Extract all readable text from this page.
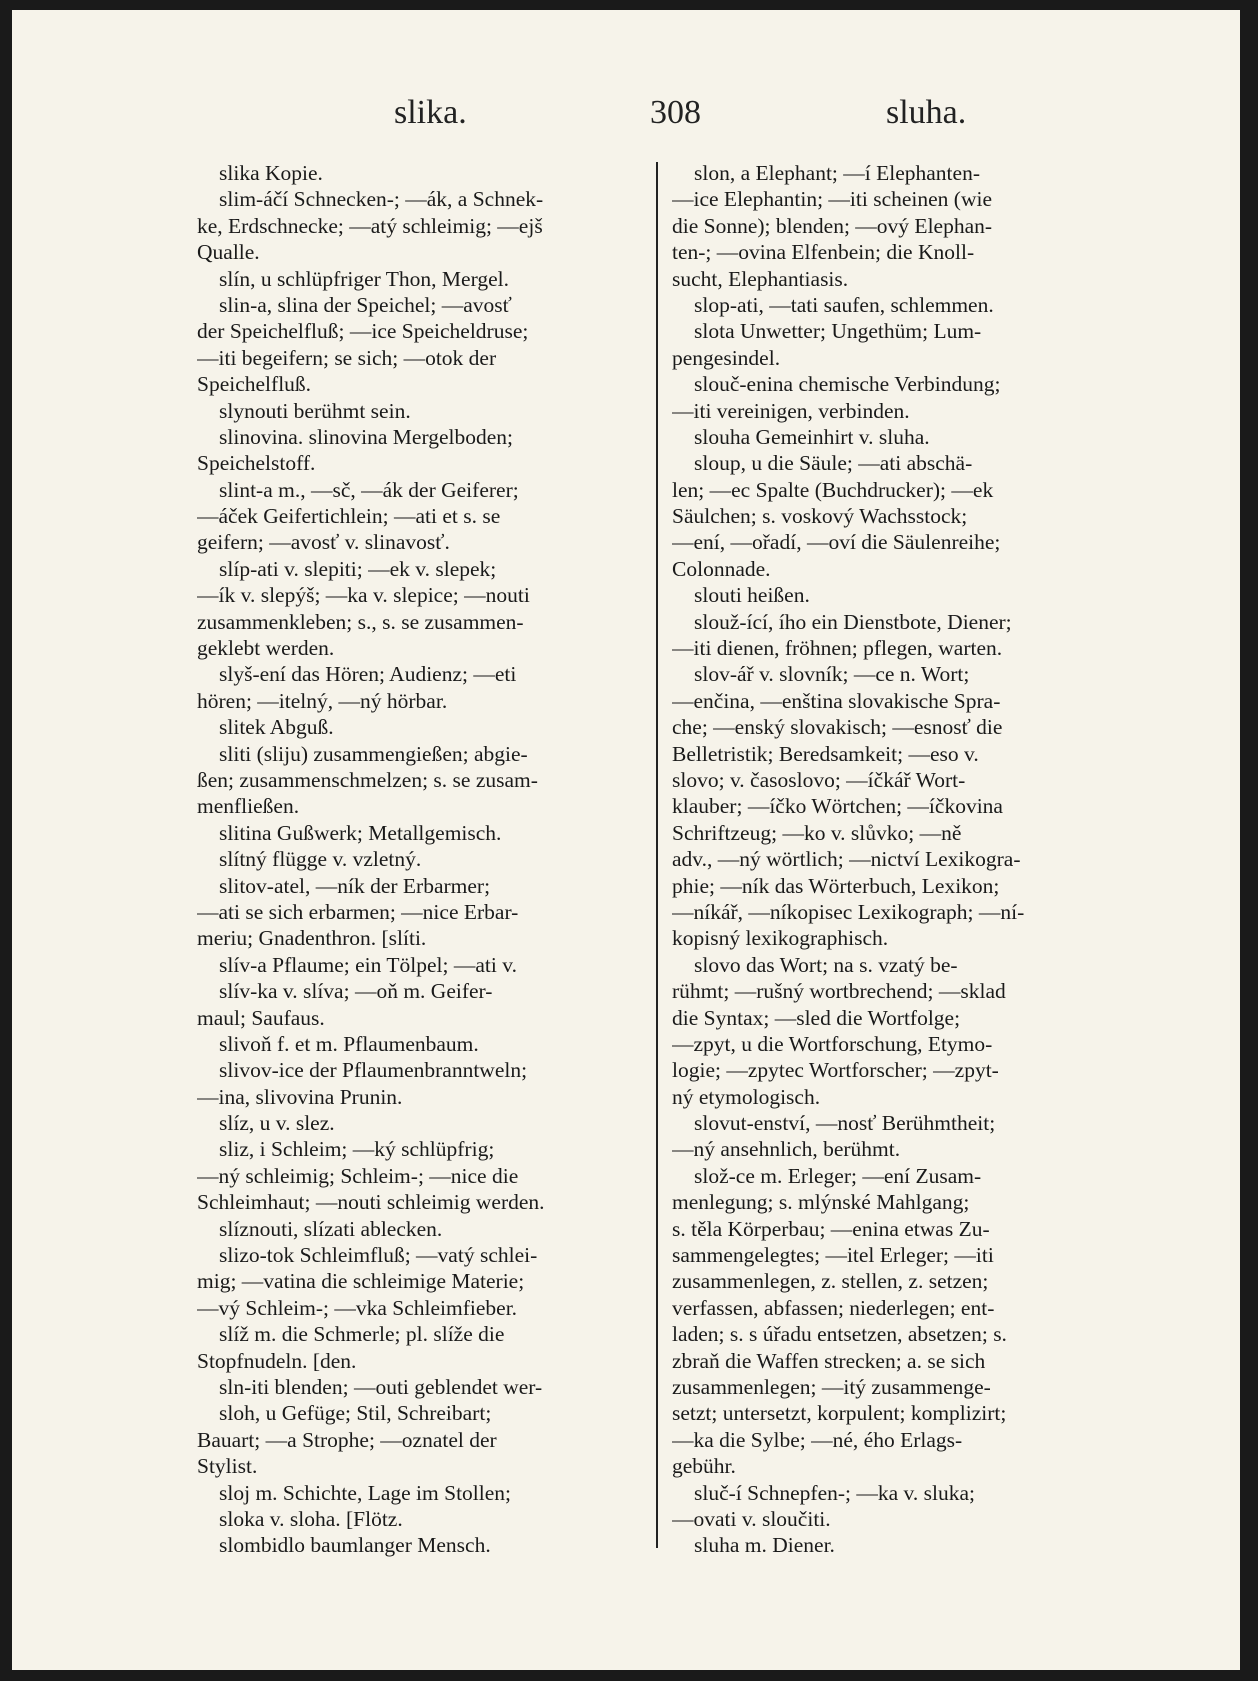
slika.	308	sluha.
slika Kopie.
slim-áčí Schnecken-; —ák, a Schnek-
ke, Erdschnecke; —atý schleimig; —ejš
Qualle.
slín, u schlüpfriger Thon, Mergel.
slin-a, slina der Speichel; —avosť
der Speichelfluß; —ice Speicheldruse;
—iti begeifern; se sich; —otok der
Speichelfluß.
slynouti berühmt sein.
slinovina. slinovina Mergelboden;
Speichelstoff.
slint-a m., —sč, —ák der Geiferer;
—áček Geifertichlein; —ati et s. se
geifern; —avosť v. slinavosť.
slíp-ati v. slepiti; —ek v. slepek;
—ík v. slepýš; —ka v. slepice; —nouti
zusammenkleben; s., s. se zusammen-
geklebt werden.
slyš-ení das Hören; Audienz; —eti
hören; —itelný, —ný hörbar.
slitek Abguß.
sliti (sliju) zusammengießen; abgie-
ßen; zusammenschmelzen; s. se zusam-
menfließen.
slitina Gußwerk; Metallgemisch.
slítný flügge v. vzletný.
slitov-atel, —ník der Erbarmer;
—ati se sich erbarmen; —nice Erbar-
meriu; Gnadenthron. [slíti.
slív-a Pflaume; ein Tölpel; —ati v.
slív-ka v. slíva; —oň m. Geifer-
maul; Saufaus.
slivoň f. et m. Pflaumenbaum.
slivov-ice der Pflaumenbranntweln;
—ina, slivovina Prunin.
slíz, u v. slez.
sliz, i Schleim; —ký schlüpfrig;
—ný schleimig; Schleim-; —nice die
Schleimhaut; —nouti schleimig werden.
slíznouti, slízati ablecken.
slizo-tok Schleimfluß; —vatý schlei-
mig; —vatina die schleimige Materie;
—vý Schleim-; —vka Schleimfieber.
slíž m. die Schmerle; pl. slíže die
Stopfnudeln. [den.
sln-iti blenden; —outi geblendet wer-
sloh, u Gefüge; Stil, Schreibart;
Bauart; —a Strophe; —oznatel der
Stylist.
sloj m. Schichte, Lage im Stollen;
sloka v. sloha. [Flötz.
slombidlo baumlanger Mensch.
slon, a Elephant; —í Elephanten-
—ice Elephantin; —iti scheinen (wie
die Sonne); blenden; —ový Elephan-
ten-; —ovina Elfenbein; die Knoll-
sucht, Elephantiasis.
slop-ati, —tati saufen, schlemmen.
slota Unwetter; Ungethüm; Lum-
pengesindel.
slouč-enina chemische Verbindung;
—iti vereinigen, verbinden.
slouha Gemeinhirt v. sluha.
sloup, u die Säule; —ati abschä-
len; —ec Spalte (Buchdrucker); —ek
Säulchen; s. voskový Wachsstock;
—ení, —ořadí, —oví die Säulenreihe;
Colonnade.
slouti heißen.
slouž-ící, ího ein Dienstbote, Diener;
—iti dienen, fröhnen; pflegen, warten.
slov-ář v. slovník; —ce n. Wort;
—enčina, —enština slovakische Spra-
che; —enský slovakisch; —esnosť die
Belletristik; Beredsamkeit; —eso v.
slovo; v. časoslovo; —íčkář Wort-
klauber; —íčko Wörtchen; —íčkovina
Schriftzeug; —ko v. slůvko; —ně
adv., —ný wörtlich; —nictví Lexikogra-
phie; —ník das Wörterbuch, Lexikon;
—níkář, —níkopisec Lexikograph; —ní-
kopisný lexikographisch.
slovo das Wort; na s. vzatý be-
rühmt; —rušný wortbrechend; —sklad
die Syntax; —sled die Wortfolge;
—zpyt, u die Wortforschung, Etymo-
logie; —zpytec Wortforscher; —zpyt-
ný etymologisch.
slovut-enství, —nosť Berühmtheit;
—ný ansehnlich, berühmt.
slož-ce m. Erleger; —ení Zusam-
menlegung; s. mlýnské Mahlgang;
s. těla Körperbau; —enina etwas Zu-
sammengelegtes; —itel Erleger; —iti
zusammenlegen, z. stellen, z. setzen;
verfassen, abfassen; niederlegen; ent-
laden; s. s úřadu entsetzen, absetzen; s.
zbraň die Waffen strecken; a. se sich
zusammenlegen; —itý zusammenge-
setzt; untersetzt, korpulent; komplizirt;
—ka die Sylbe; —né, ého Erlags-
gebühr.
sluč-í Schnepfen-; —ka v. sluka;
—ovati v. sloučiti.
sluha m. Diener.
